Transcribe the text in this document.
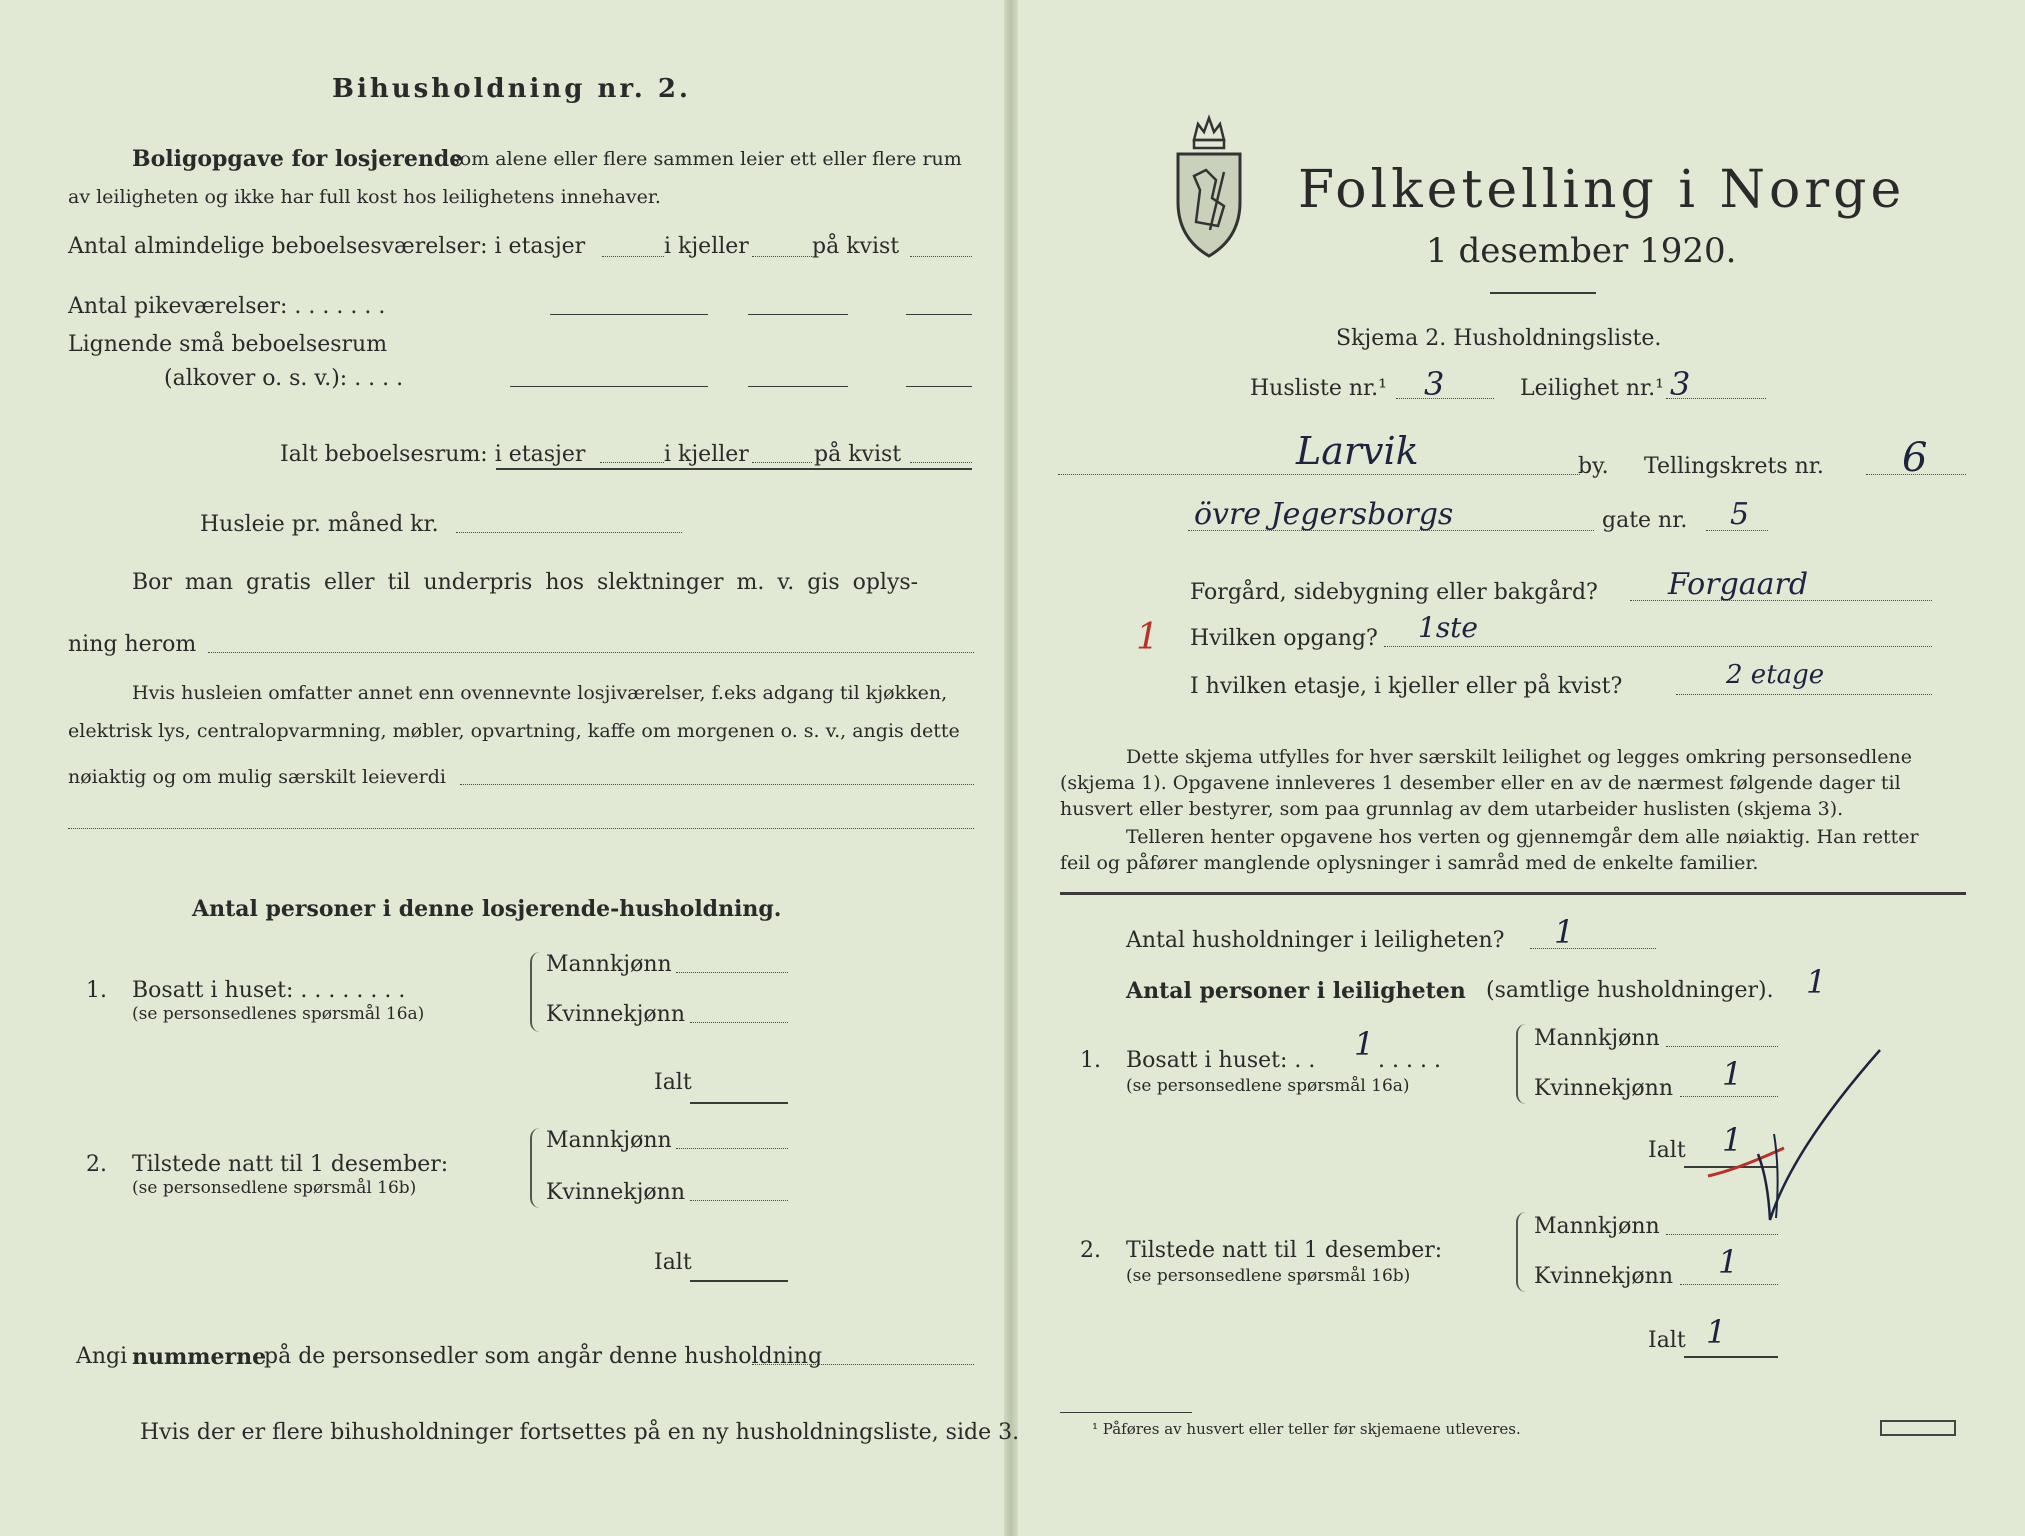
Bihusholdning nr. 2.
Boligopgave for losjerende
som alene eller flere sammen leier ett eller flere rum
av leiligheten og ikke har full kost hos leilighetens innehaver.
Antal almindelige beboelsesværelser: i etasjer	i kjeller	på kvist
Antal pikeværelser: . . . . . . .
Lignende små beboelsesrum
(alkover o. s. v.): . . . .
Ialt beboelsesrum: i etasjer	i kjeller	på kvist
Husleie pr. måned kr.
Bor man gratis eller til underpris hos slektninger m. v. gis oplys-
ning herom
Hvis husleien omfatter annet enn ovennevnte losjiværelser, f.eks adgang til kjøkken,
elektrisk lys, centralopvarmning, møbler, opvartning, kaffe om morgenen o. s. v., angis dette
nøiaktig og om mulig særskilt leieverdi
Antal personer i denne losjerende-husholdning.
1. Bosatt i huset: . . . . . . . .
(se personsedlenes spørsmål 16a)
Mannkjønn
Kvinnekjønn
Ialt
2. Tilstede natt til 1 desember:
(se personsedlene spørsmål 16b)
Mannkjønn
Kvinnekjønn
Ialt
Angi nummerne
på de personsedler som angår denne husholdning
Hvis der er flere bihusholdninger fortsettes på en ny husholdningsliste, side 3.
Folketelling i Norge
1 desember 1920.
Skjema 2. Husholdningsliste.
Husliste nr.¹ 3	Leilighet nr.¹ 3
Larvik	by. Tellingskrets nr. 6
övre Jegersborgs	gate nr. 5
Forgård, sidebygning eller bakgård? Forgaard
1 Hvilken opgang? 1ste
I hvilken etasje, i kjeller eller på kvist?	2 etage
Dette skjema utfylles for hver særskilt leilighet og legges omkring personsedlene
(skjema 1). Opgavene innleveres 1 desember eller en av de nærmest følgende dager til
husvert eller bestyrer, som paa grunnlag av dem utarbeider huslisten (skjema 3).
Telleren henter opgavene hos verten og gjennemgår dem alle nøiaktig. Han retter
feil og påfører manglende oplysninger i samråd med de enkelte familier.
Antal husholdninger i leiligheten? 1
Antal personer i leiligheten (samtlige husholdninger). 1
1. Bosatt i huset: . . 1 . . . . .
(se personsedlene spørsmål 16a)
Mannkjønn
Kvinnekjønn 1
Ialt 1
2. Tilstede natt til 1 desember:
(se personsedlene spørsmål 16b)
Mannkjønn
Kvinnekjønn 1
Ialt 1
¹ Påføres av husvert eller teller før skjemaene utleveres.
